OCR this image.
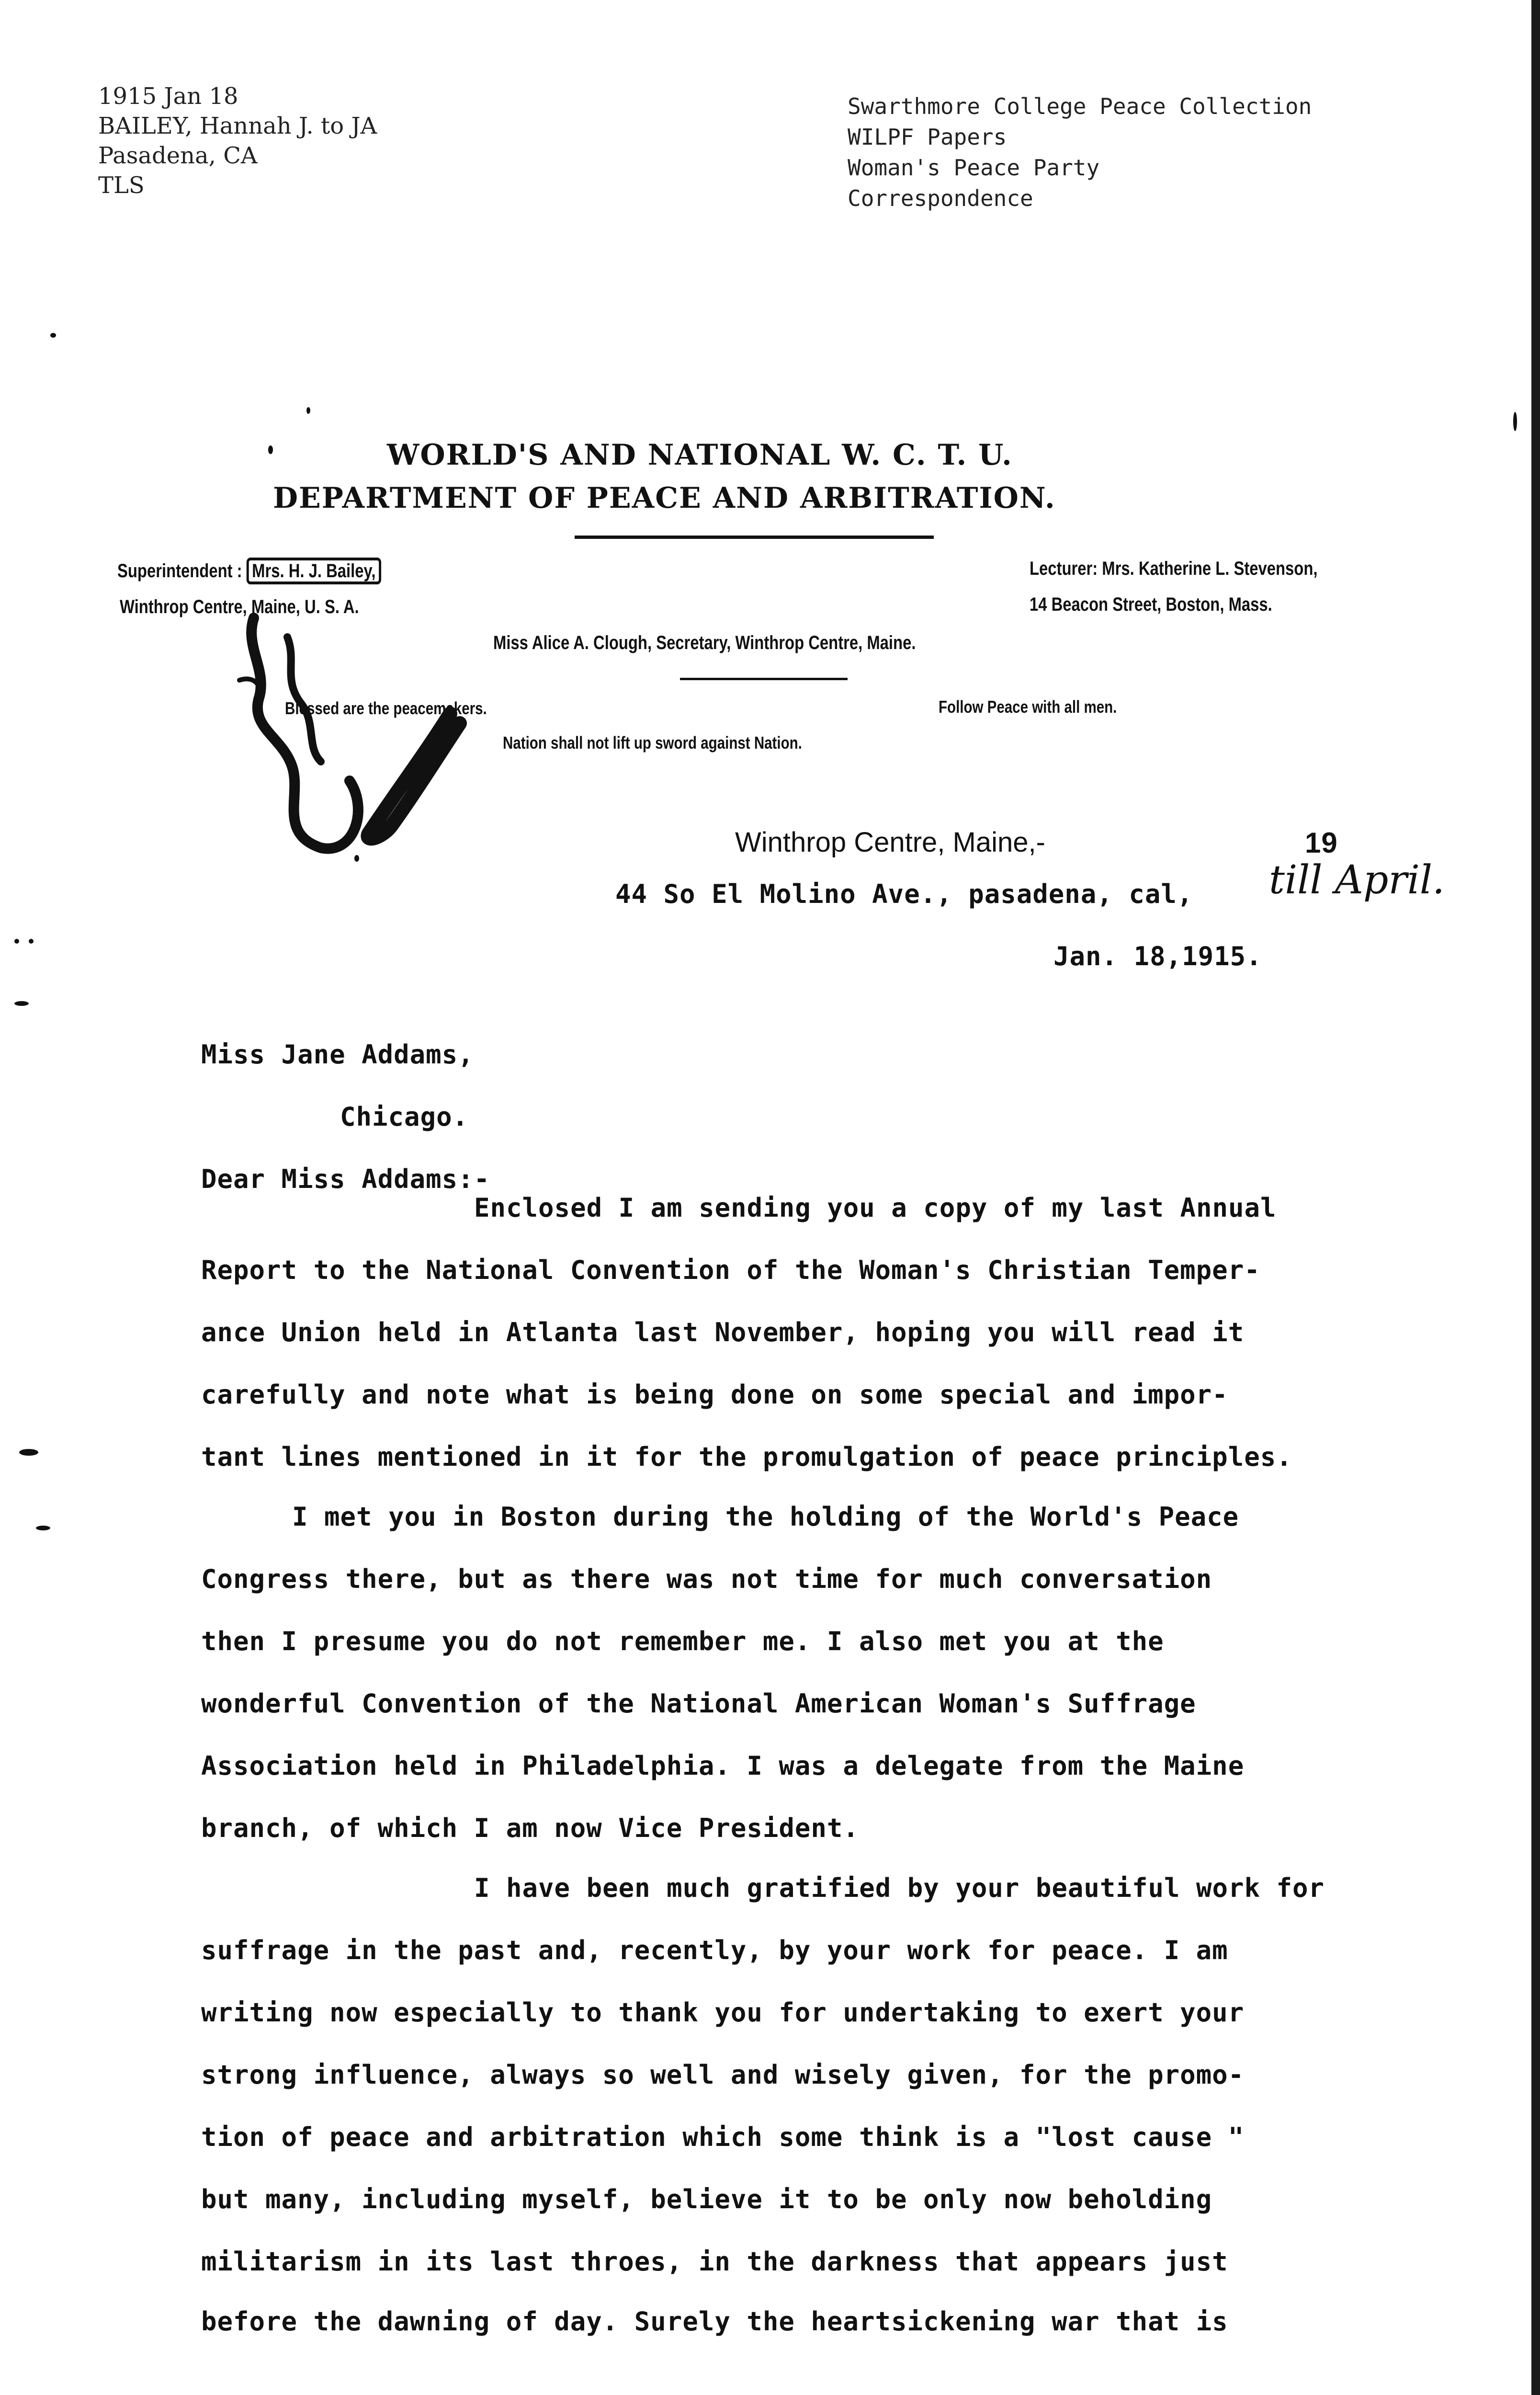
1915 Jan 18
BAILEY, Hannah J. to JA
Pasadena, CA
TLS
Swarthmore College Peace Collection
WILPF Papers
Woman's Peace Party
Correspondence
WORLD'S AND NATIONAL W. C. T. U.
DEPARTMENT OF PEACE AND ARBITRATION.
Superintendent : Mrs. H. J. Bailey,
Winthrop Centre, Maine, U. S. A.
Lecturer: Mrs. Katherine L. Stevenson,
14 Beacon Street, Boston, Mass.
Miss Alice A. Clough, Secretary, Winthrop Centre, Maine.
Blessed are the peacemakers.	Follow Peace with all men.
Nation shall not lift up sword against Nation.
Winthrop Centre, Maine,-	19
44 So El Molino Ave., pasadena, cal, till April.
Jan. 18,1915.
Miss Jane Addams,
Chicago.
Dear Miss Addams:-
Enclosed I am sending you a copy of my last Annual
Report to the National Convention of the Woman's Christian Temper-
ance Union held in Atlanta last November, hoping you will read it
carefully and note what is being done on some special and impor-
tant lines mentioned in it for the promulgation of peace principles.
I met you in Boston during the holding of the World's Peace
Congress there, but as there was not time for much conversation
then I presume you do not remember me. I also met you at the
wonderful Convention of the National American Woman's Suffrage
Association held in Philadelphia. I was a delegate from the Maine
branch, of which I am now Vice President.
I have been much gratified by your beautiful work for
suffrage in the past and, recently, by your work for peace. I am
writing now especially to thank you for undertaking to exert your
strong influence, always so well and wisely given, for the promo-
tion of peace and arbitration which some think is a "lost cause "
but many, including myself, believe it to be only now beholding
militarism in its last throes, in the darkness that appears just
before the dawning of day. Surely the heartsickening war that is
